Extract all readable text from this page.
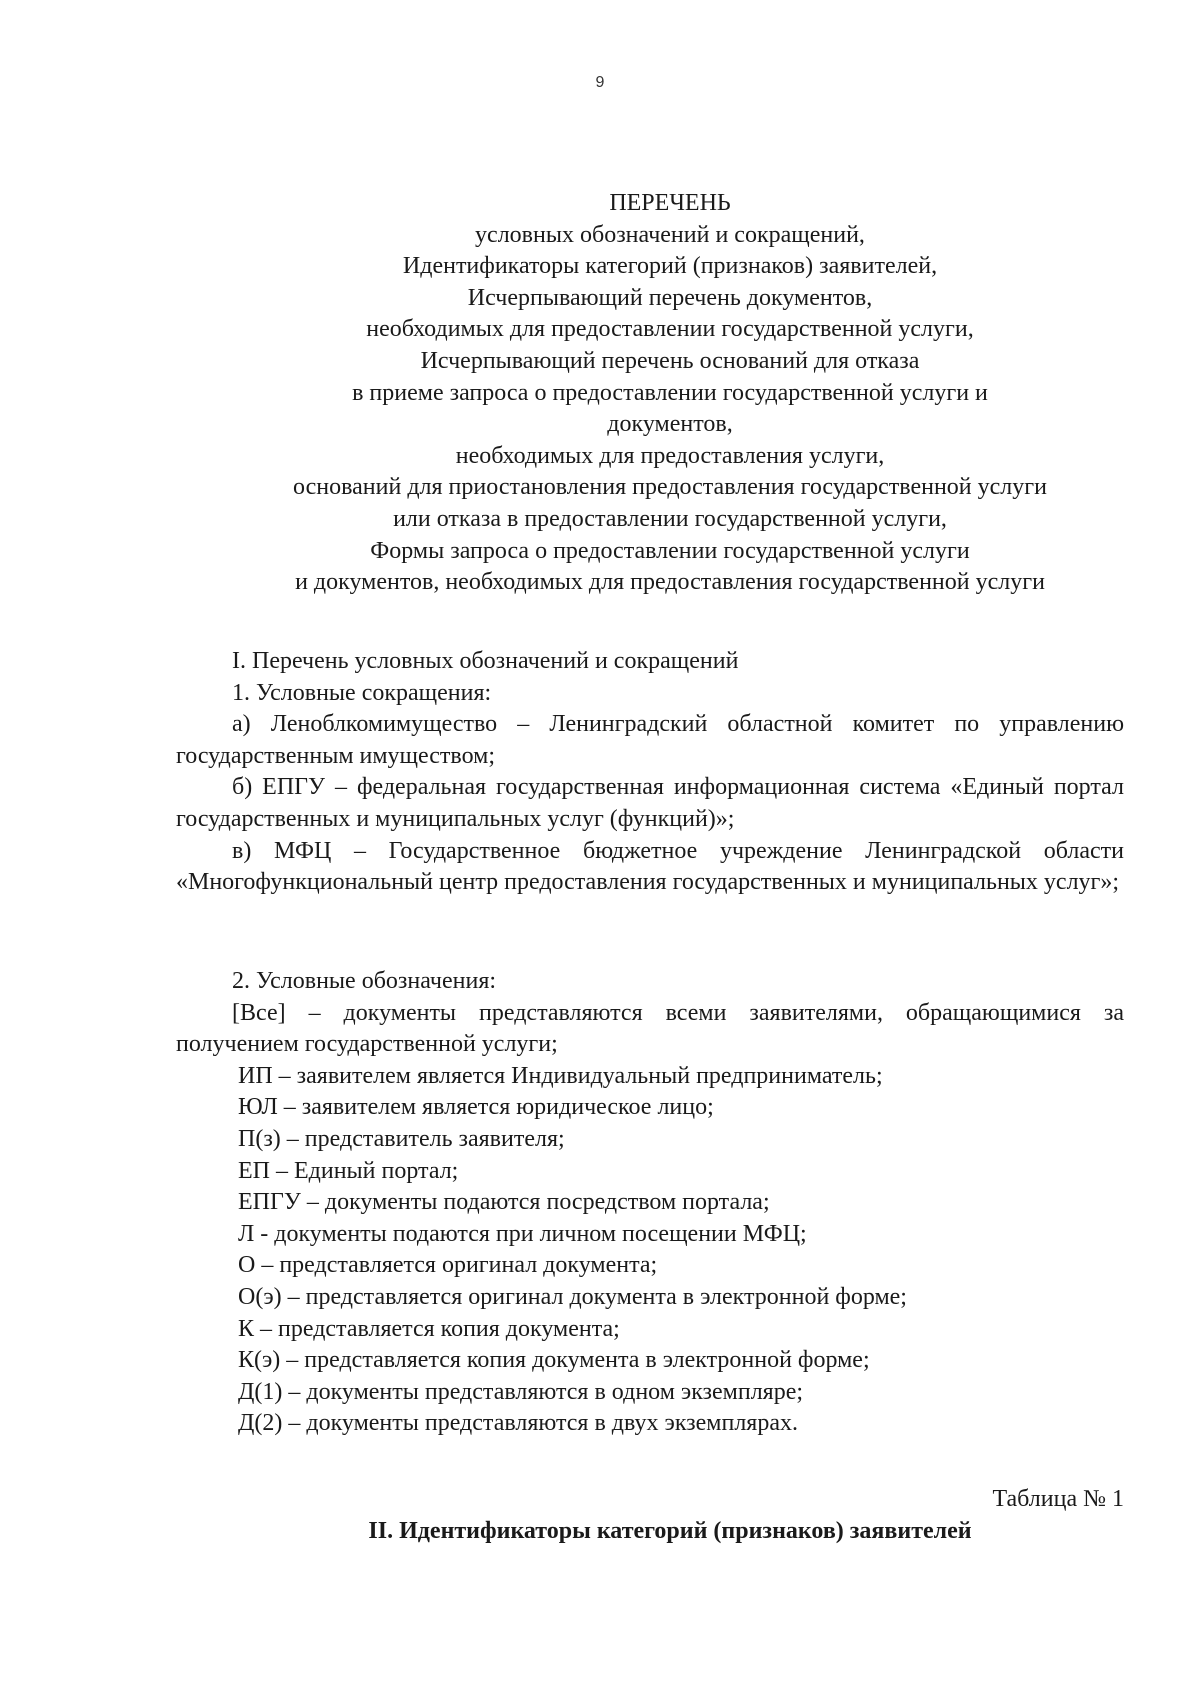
9
ПЕРЕЧЕНЬ
условных обозначений и сокращений,
Идентификаторы категорий (признаков) заявителей,
Исчерпывающий перечень документов,
необходимых для предоставлении государственной услуги,
Исчерпывающий перечень оснований для отказа
в приеме запроса о предоставлении государственной услуги и
документов,
необходимых для предоставления услуги,
оснований для приостановления предоставления государственной услуги
или отказа в предоставлении государственной услуги,
Формы запроса о предоставлении государственной услуги
и документов, необходимых для предоставления государственной услуги

I. Перечень условных обозначений и сокращений

1. Условные сокращения:

а) Леноблкомимущество – Ленинградский областной комитет по управлению государственным имуществом;

б) ЕПГУ – федеральная государственная информационная система «Единый портал государственных и муниципальных услуг (функций)»;

в) МФЦ – Государственное бюджетное учреждение Ленинградской области «Многофункциональный центр предоставления государственных и муниципальных услуг»;

2. Условные обозначения:

[Все] – документы представляются всеми заявителями, обращающимися за получением государственной услуги;

ИП – заявителем является Индивидуальный предприниматель;

ЮЛ – заявителем является юридическое лицо;

П(з) – представитель заявителя;

ЕП – Единый портал;

ЕПГУ – документы подаются посредством портала;

Л - документы подаются при личном посещении МФЦ;

О – представляется оригинал документа;

О(э) – представляется оригинал документа в электронной форме;

К – представляется копия документа;

К(э) – представляется копия документа в электронной форме;

Д(1) – документы представляются в одном экземпляре;

Д(2) – документы представляются в двух экземплярах.

Таблица № 1
II. Идентификаторы категорий (признаков) заявителей
